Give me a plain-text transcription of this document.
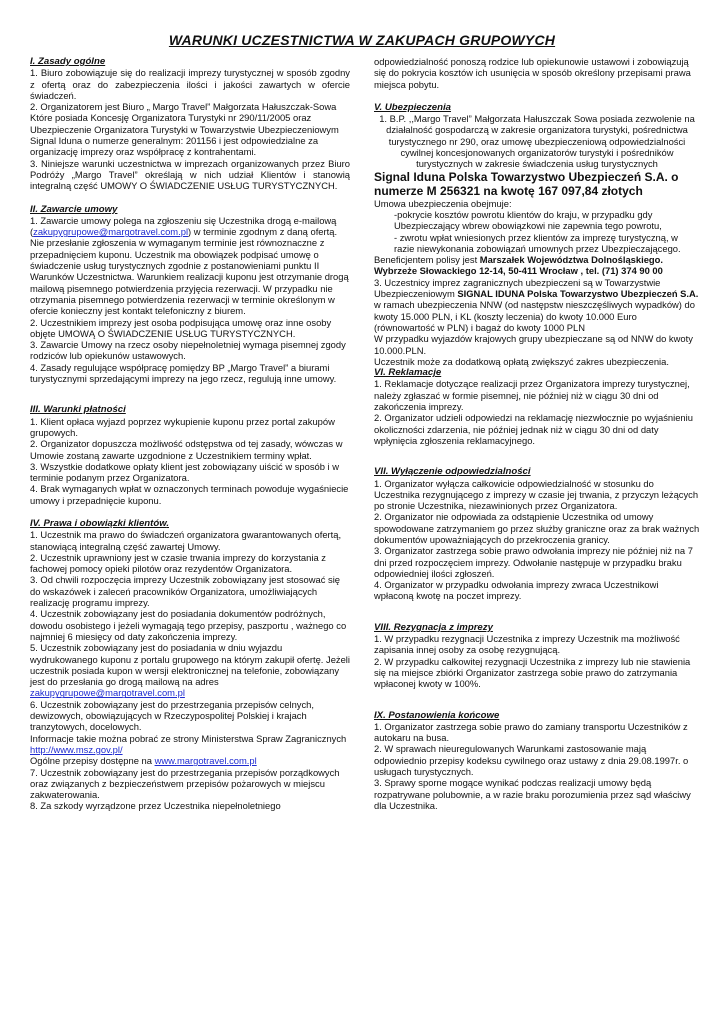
WARUNKI UCZESTNICTWA W ZAKUPACH GRUPOWYCH

I. Zasady ogólne

1. Biuro zobowiązuje się do realizacji imprezy turystycznej w sposób zgodny z ofertą oraz do zabezpieczenia ilości i jakości zawartych w ofercie świadczeń.

2. Organizatorem jest Biuro „ Margo Travel” Małgorzata Hałuszczak-Sowa Które posiada Koncesję Organizatora Turystyki nr 290/11/2005 oraz Ubezpieczenie Organizatora Turystyki w Towarzystwie Ubezpieczeniowym Signal Iduna o numerze generalnym: 201156 i jest odpowiedzialne za organizację imprezy oraz współpracę z kontrahentami.

3. Niniejsze warunki uczestnictwa w imprezach organizowanych przez Biuro Podróży „Margo Travel” określają w nich udział Klientów i stanowią integralną część UMOWY O ŚWIADCZENIE USŁUG TURYSTYCZNYCH.

II. Zawarcie umowy

1. Zawarcie umowy polega na zgłoszeniu się Uczestnika drogą e-mailową (zakupygrupowe@margotravel.com.pl) w terminie zgodnym z daną ofertą. Nie przesłanie zgłoszenia w wymaganym terminie jest równoznaczne z przepadnięciem kuponu. Uczestnik ma obowiązek podpisać umowę o świadczenie usług turystycznych zgodnie z postanowieniami punktu II Warunków Uczestnictwa. Warunkiem realizacji kuponu jest otrzymanie drogą mailową pisemnego potwierdzenia przyjęcia rezerwacji. W przypadku nie otrzymania pisemnego potwierdzenia rezerwacji w terminie określonym w ofercie konieczny jest kontakt telefoniczny z biurem.

2. Uczestnikiem imprezy jest osoba podpisująca umowę oraz inne osoby objęte UMOWĄ O ŚWIADCZENIE USŁUG TURYSTYCZNYCH.

3. Zawarcie Umowy na rzecz osoby niepełnoletniej wymaga pisemnej zgody rodziców lub opiekunów ustawowych.

4. Zasady regulujące współpracę pomiędzy BP „Margo Travel” a biurami turystycznymi sprzedającymi imprezy na jego rzecz, regulują inne umowy.

III. Warunki płatności

1. Klient opłaca wyjazd poprzez wykupienie kuponu przez portal zakupów grupowych.

2. Organizator dopuszcza możliwość odstępstwa od tej zasady, wówczas w Umowie zostaną zawarte uzgodnione z Uczestnikiem terminy wpłat.

3. Wszystkie dodatkowe opłaty klient jest zobowiązany uiścić w sposób i w terminie podanym przez Organizatora.

4. Brak wymaganych wpłat w oznaczonych terminach powoduje wygaśniecie umowy i przepadnięcie kuponu.

IV. Prawa i obowiązki klientów.

1. Uczestnik ma prawo do świadczeń organizatora gwarantowanych ofertą, stanowiącą integralną część zawartej Umowy.

2. Uczestnik uprawniony jest w czasie trwania imprezy do korzystania z fachowej pomocy opieki pilotów oraz rezydentów Organizatora.

3. Od chwili rozpoczęcia imprezy Uczestnik zobowiązany jest stosować się do wskazówek i zaleceń pracowników Organizatora, umożliwiających realizację programu imprezy.

4. Uczestnik zobowiązany jest do posiadania dokumentów podróżnych, dowodu osobistego i jeżeli wymagają tego przepisy, paszportu , ważnego co najmniej 6 miesięcy od daty zakończenia imprezy.

5. Uczestnik zobowiązany jest do posiadania w dniu wyjazdu wydrukowanego kuponu z portalu grupowego na którym zakupił ofertę. Jeżeli uczestnik posiada kupon w wersji elektronicznej na telefonie, zobowiązany jest do przesłania go drogą mailową na adres zakupygrupowe@margotravel.com.pl

6. Uczestnik zobowiązany jest do przestrzegania przepisów celnych, dewizowych, obowiązujących w Rzeczypospolitej Polskiej i krajach tranzytowych, docelowych.

Informacje takie można pobrać ze strony Ministerstwa Spraw Zagranicznych http://www.msz.gov.pl/

Ogólne przepisy dostępne na www.margotravel.com.pl

7. Uczestnik zobowiązany jest do przestrzegania przepisów porządkowych oraz związanych z bezpieczeństwem przepisów pożarowych w miejscu zakwaterowania.

8. Za szkody wyrządzone przez Uczestnika niepełnoletniego

odpowiedzialność ponoszą rodzice lub opiekunowie ustawowi i zobowiązują się do pokrycia kosztów ich usunięcia w sposób określony przepisami prawa miejsca pobytu.

V. Ubezpieczenia

1. B.P. ,,Margo Travel” Małgorzata Hałuszczak Sowa posiada zezwolenie na działalność gospodarczą w zakresie organizatora turystyki, pośrednictwa turystycznego nr 290, oraz umowę ubezpieczeniową odpowiedzialności cywilnej koncesjonowanych organizatorów turystyki i pośredników turystycznych w zakresie świadczenia usług turystycznych

Signal Iduna Polska Towarzystwo Ubezpieczeń S.A. o numerze M 256321 na kwotę 167 097,84 złotych

Umowa ubezpieczenia obejmuje:

-pokrycie kosztów powrotu klientów do kraju, w przypadku gdy Ubezpieczający wbrew obowiązkowi nie zapewnia tego powrotu,

- zwrotu wpłat wniesionych przez klientów za imprezę turystyczną, w razie niewykonania zobowiązań umownych przez Ubezpieczającego.

Beneficjentem polisy jest Marszałek Województwa Dolnośląskiego. Wybrzeże Słowackiego 12-14, 50-411 Wrocław , tel. (71) 374 90 00

3. Uczestnicy imprez zagranicznych ubezpieczeni są w Towarzystwie Ubezpieczeniowym SIGNAL IDUNA Polska Towarzystwo Ubezpieczeń S.A. w ramach ubezpieczenia NNW (od następstw nieszczęśliwych wypadków) do kwoty 15.000 PLN, i KL (koszty leczenia) do kwoty 10.000 Euro (równowartość w PLN) i bagaż do kwoty 1000 PLN

W przypadku wyjazdów krajowych grupy ubezpieczane są od NNW do kwoty 10.000.PLN.

Uczestnik może za dodatkową opłatą zwiększyć zakres ubezpieczenia.

VI. Reklamacje

1. Reklamacje dotyczące realizacji przez Organizatora imprezy turystycznej, należy zgłaszać w formie pisemnej, nie później niż w ciągu 30 dni od zakończenia imprezy.

2. Organizator udzieli odpowiedzi na reklamację niezwłocznie po wyjaśnieniu okoliczności zdarzenia, nie później jednak niż w ciągu 30 dni od daty wpłynięcia zgłoszenia reklamacyjnego.

VII. Wyłączenie odpowiedzialności

1. Organizator wyłącza całkowicie odpowiedzialność w stosunku do Uczestnika rezygnującego z imprezy w czasie jej trwania, z przyczyn leżących po stronie Uczestnika, niezawinionych przez Organizatora.

2. Organizator nie odpowiada za odstąpienie Uczestnika od umowy spowodowane zatrzymaniem go przez służby graniczne oraz za brak ważnych dokumentów upoważniających do przekroczenia granicy.

3. Organizator zastrzega sobie prawo odwołania imprezy nie później niż na 7 dni przed rozpoczęciem imprezy. Odwołanie następuje w przypadku braku odpowiedniej ilości zgłoszeń.

4. Organizator w przypadku odwołania imprezy zwraca Uczestnikowi wpłaconą kwotę na poczet imprezy.

VIII. Rezygnacja z imprezy

1. W przypadku rezygnacji Uczestnika z imprezy Uczestnik ma możliwość zapisania innej osoby za osobę rezygnującą.

2. W przypadku całkowitej rezygnacji Uczestnika z imprezy lub nie stawienia się na miejsce zbiórki Organizator zastrzega sobie prawo do zatrzymania wpłaconej kwoty w 100%.

IX. Postanowienia końcowe

1. Organizator zastrzega sobie prawo do zamiany transportu Uczestników z autokaru na busa.

2. W sprawach nieuregulowanych Warunkami zastosowanie mają odpowiednio przepisy kodeksu cywilnego oraz ustawy z dnia 29.08.1997r. o usługach turystycznych.

3. Sprawy sporne mogące wynikać podczas realizacji umowy będą rozpatrywane polubownie, a w razie braku porozumienia przez sąd właściwy dla Uczestnika.
